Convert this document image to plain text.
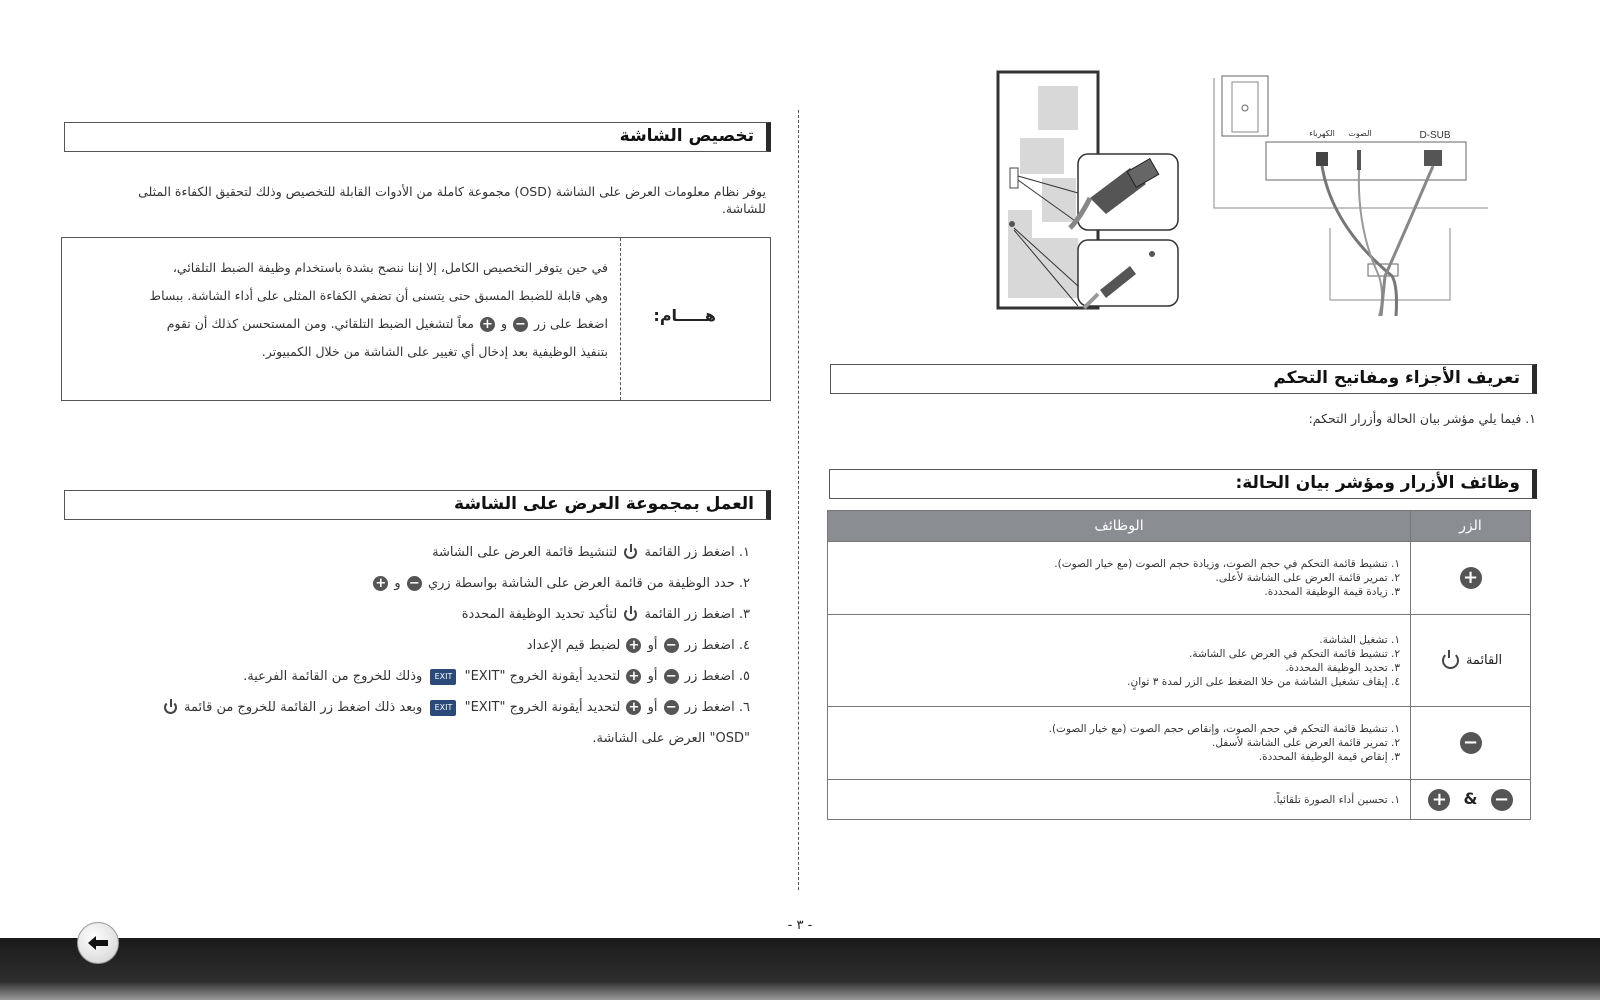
تخصيص الشاشة
يوفر نظام معلومات العرض على الشاشة (OSD) مجموعة كاملة من الأدوات القابلة للتخصيص وذلك لتحقيق الكفاءة المثلى للشاشة.
هـــــام:
في حين يتوفر التخصيص الكامل، إلا إننا ننصح بشدة باستخدام وظيفة الضبط التلقائي،
وهي قابلة للضبط المسبق حتى يتسنى أن تضفي الكفاءة المثلى على أداء الشاشة. ببساط
اضغط على زر − و + معاً لتشغيل الضبط التلقائي. ومن المستحسن كذلك أن تقوم
بتنفيذ الوظيفية بعد إدخال أي تغيير على الشاشة من خلال الكمبيوتر.
العمل بمجموعة العرض على الشاشة
١. اضغط زر القائمة  لتنشيط قائمة العرض على الشاشة
٢. حدد الوظيفة من قائمة العرض على الشاشة بواسطة زري − و +
٣. اضغط زر القائمة  لتأكيد تحديد الوظيفة المحددة
٤. اضغط زر − أو + لضبط قيم الإعداد
٥. اضغط زر − أو + لتحديد أيقونة الخروج "EXIT" EXIT وذلك للخروج من القائمة الفرعية.
٦. اضغط زر − أو + لتحديد أيقونة الخروج "EXIT" EXIT وبعد ذلك اضغط زر القائمة للخروج من قائمة
"OSD" العرض على الشاشة.
D-SUB
الصوت
الكهرباء
تعريف الأجزاء ومفاتيح التحكم
١. فيما يلي مؤشر بيان الحالة وأزرار التحكم:
وظائف الأزرار ومؤشر بيان الحالة:
الوظائف	الزر

١. تنشيط قائمة التحكم في حجم الصوت، وزيادة حجم الصوت (مع خيار الصوت).
٢. تمرير قائمة العرض على الشاشة لأعلى.
٣. زيادة قيمة الوظيفة المحددة.	+

١. تشغيل الشاشة.
٢. تنشيط قائمة التحكم في العرض على الشاشة.
٣. تحديد الوظيفة المحددة.
٤. إيقاف تشغيل الشاشة من خلا الضغط على الزر لمدة ٣ ثوانٍ.	القائمة

١. تنشيط قائمة التحكم في حجم الصوت، وإنقاص حجم الصوت (مع خيار الصوت).
٢. تمرير قائمة العرض على الشاشة لأسفل.
٣. إنقاص قيمة الوظيفة المحددة.	−

١. تحسين أداء الصورة تلقائياً.	+ & −
- ٣ -
